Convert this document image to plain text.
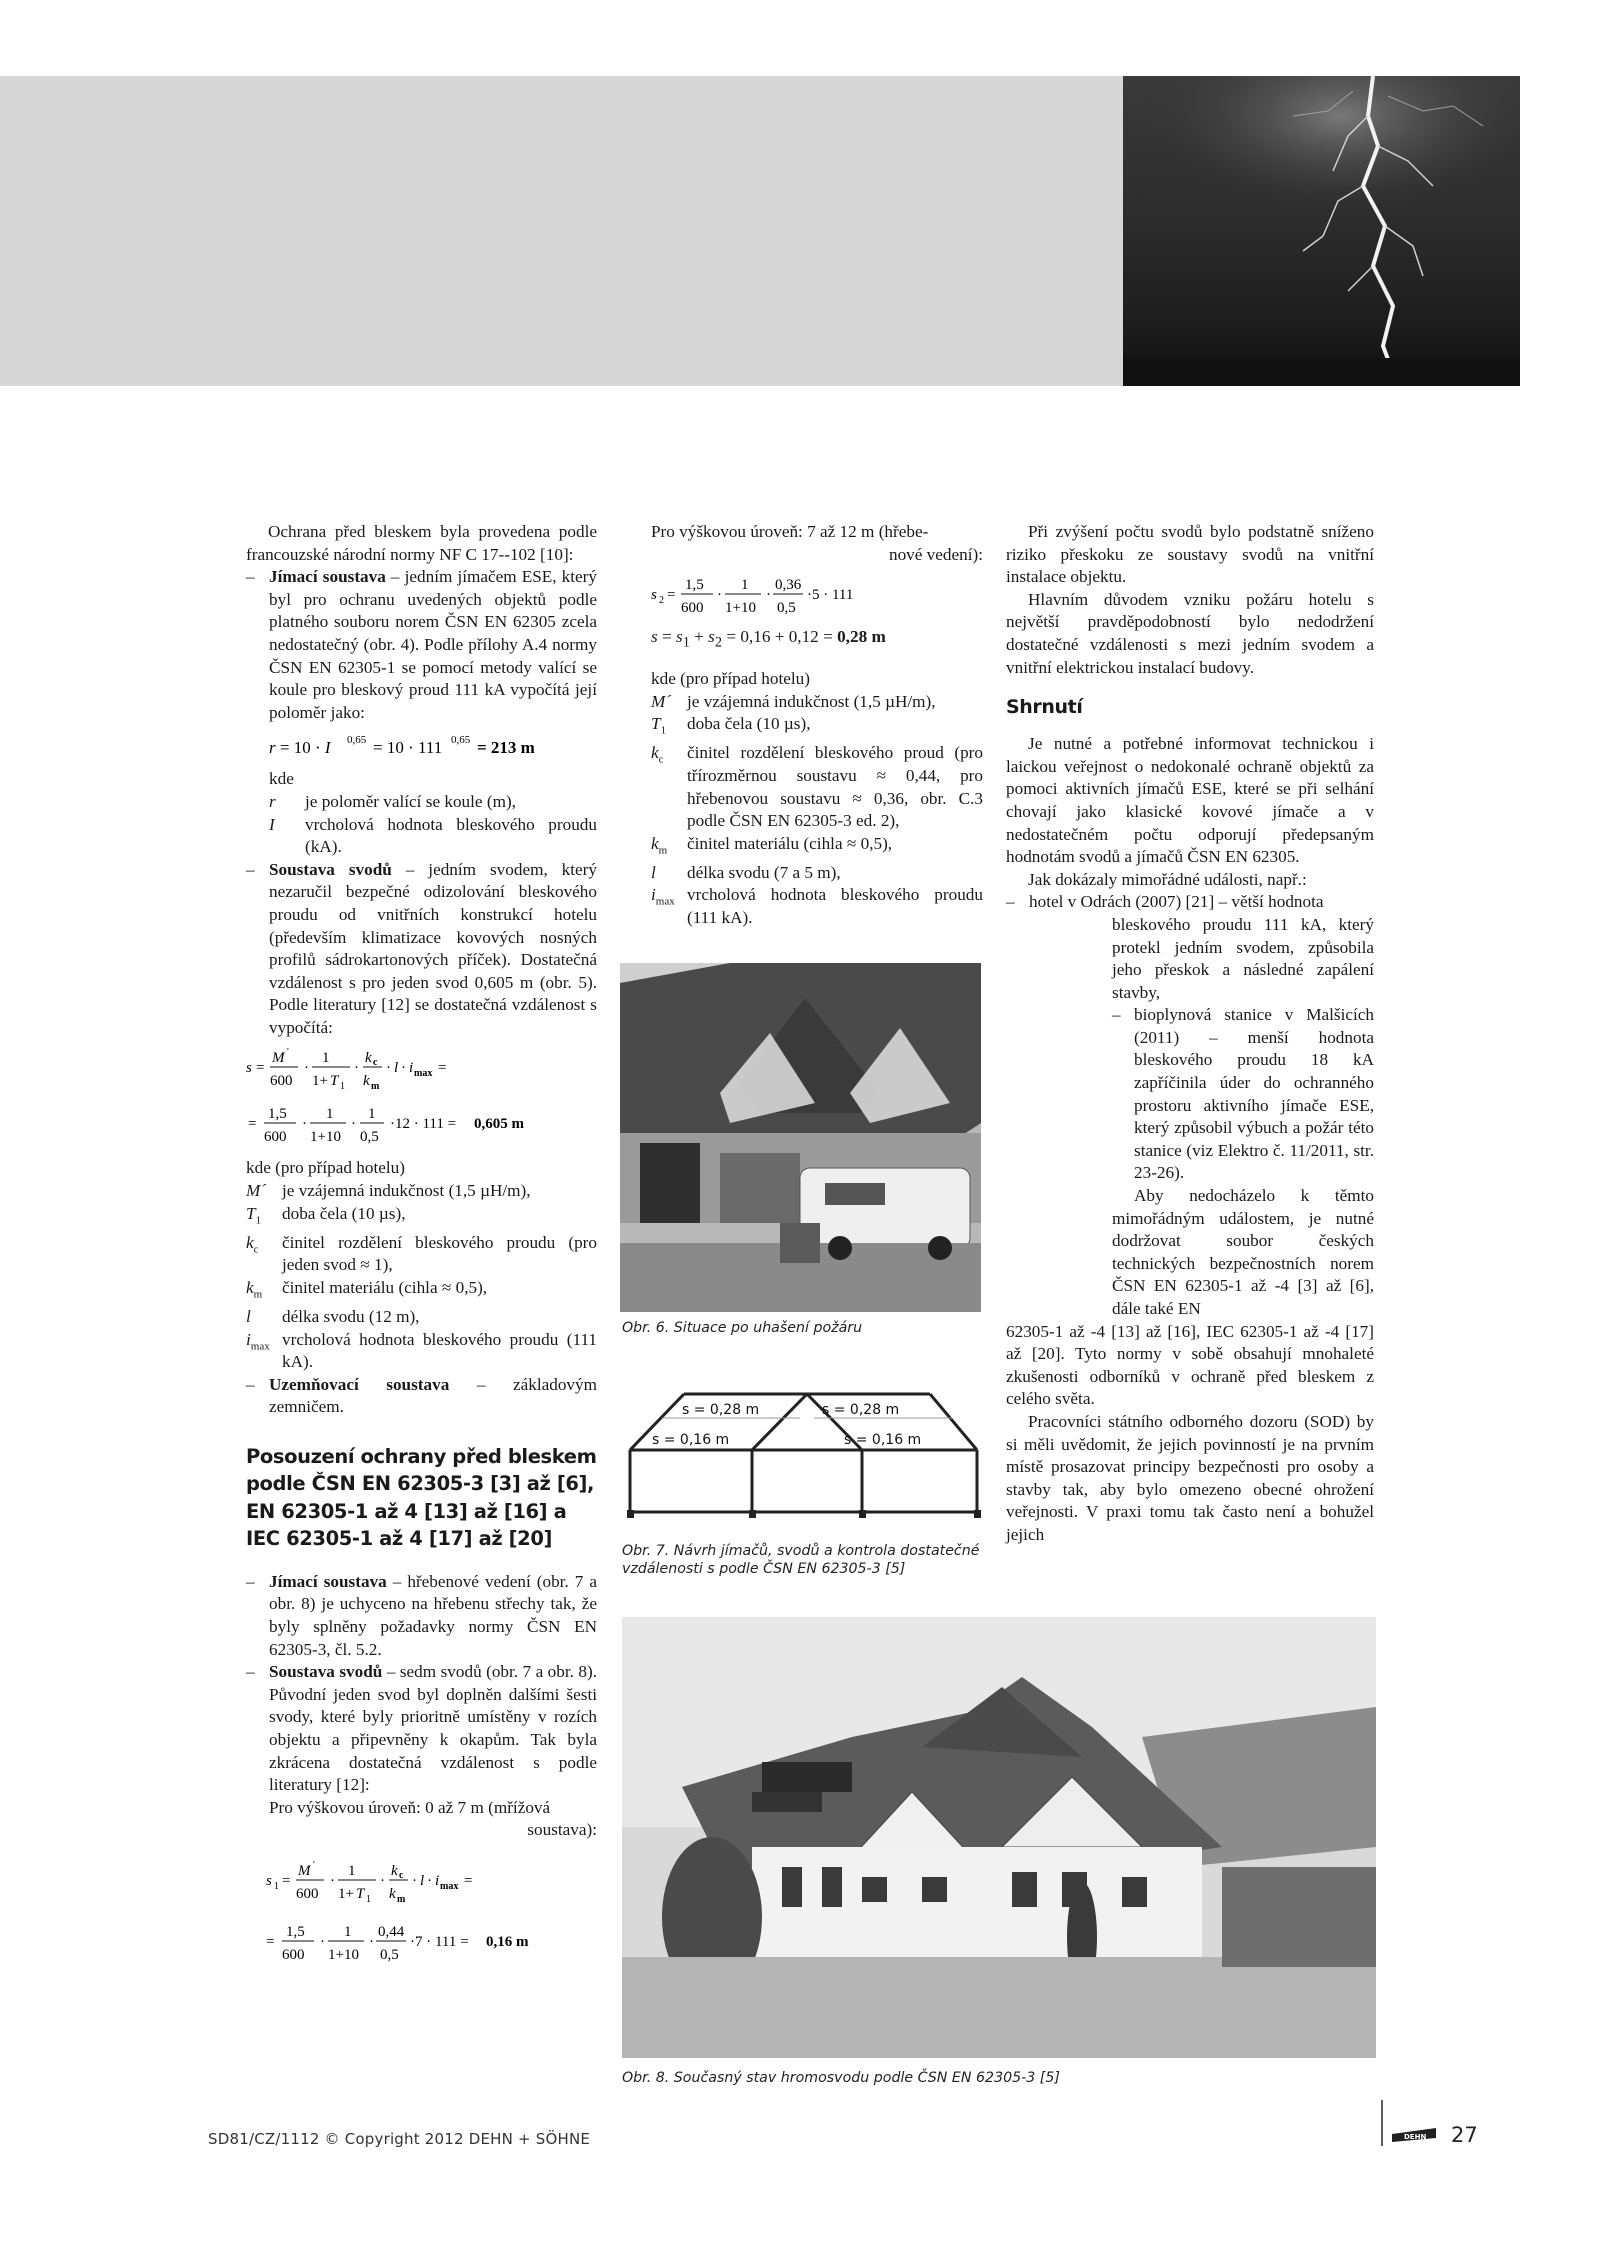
Ochrana před bleskem byla provedena podle francouzské národní normy NF C 17--102 [10]:

– Jímací soustava – jedním jímačem ESE, který byl pro ochranu uvedených objektů podle platného souboru norem ČSN EN 62305 zcela nedostatečný (obr. 4). Podle přílohy A.4 normy ČSN EN 62305-1 se pomocí metody valící se koule pro bleskový proud 111 kA vypočítá její poloměr jako:
r = 10 · I 0,65 = 10 · 111 0,65 = 213 m

kde

r	je poloměr valící se koule (m),
I	vrcholová hodnota bleskového proudu (kA).
– Soustava svodů – jedním svodem, který nezaručil bezpečné odizolování bleskového proudu od vnitřních konstrukcí hotelu (především klimatizace kovových nosných profilů sádrokartonových příček). Dostatečná vzdálenost s pro jeden svod 0,605 m (obr. 5). Podle literatury [12] se dostatečná vzdálenost s vypočítá:
s =
M '
600
·
1
1+ T 1
·
k c
k m
· l · i max =
=
1,5
600
·
1
1+10
·
1
0,5
·12 · 111 = 0,605 m

kde (pro případ hotelu)

M´ je vzájemná indukčnost (1,5 µH/m),
$T_1$	doba čela (10 µs),
$k_c$	činitel rozdělení bleskového proudu (pro jeden svod ≈ 1),
$k_m$	činitel materiálu (cihla ≈ 0,5),
l	délka svodu (12 m),
$i_{max}$ vrcholová hodnota bleskového proudu (111 kA).
– Uzemňovací soustava – základovým zemničem.
Posouzení ochrany před bleskem podle ČSN EN 62305-3 [3] až [6], EN 62305-1 až 4 [13] až [16] a IEC 62305-1 až 4 [17] až [20]
– Jímací soustava – hřebenové vedení (obr. 7 a obr. 8) je uchyceno na hřebenu střechy tak, že byly splněny požadavky normy ČSN EN 62305-3, čl. 5.2.
– Soustava svodů – sedm svodů (obr. 7 a obr. 8). Původní jeden svod byl doplněn dalšími šesti svody, které byly prioritně umístěny v rozích objektu a připevněny k okapům. Tak byla zkrácena dostatečná vzdálenost s podle literatury [12]:

Pro výškovou úroveň: 0 až 7 m (mřížová

soustava):

s 1 =
M '
600
·
1
1+ T 1
·
k c
k m
· l · i max =
=
1,5
600
·
1
1+10
·
0,44
0,5
·7 · 111 = 0,16 m

Pro výškovou úroveň: 7 až 12 m (hřebe-

nové vedení):

s 2 =
1,5
600
·
1
1+10
·
0,36
0,5
·5 · 111

$s = s_1 + s_2 = 0,16 + 0,12 = 0,28$ m

kde (pro případ hotelu)

M´ je vzájemná indukčnost (1,5 µH/m),
$T_1$	doba čela (10 µs),
$k_c$	činitel rozdělení bleskového proud (pro třírozměrnou soustavu ≈ 0,44, pro hřebenovou soustavu ≈ 0,36, obr. C.3 podle ČSN EN 62305-3 ed. 2),
$k_m$	činitel materiálu (cihla ≈ 0,5),
l	délka svodu (7 a 5 m),
$i_{max}$ vrcholová hodnota bleskového proudu (111 kA).
Obr. 6. Situace po uhašení požáru
s = 0,28 m	s = 0,28 m
s = 0,16 m	s = 0,16 m
Obr. 7. Návrh jímačů, svodů a kontrola dostatečné vzdálenosti s podle ČSN EN 62305-3 [5]

Při zvýšení počtu svodů bylo podstatně sníženo riziko přeskoku ze soustavy svodů na vnitřní instalace objektu.

Hlavním důvodem vzniku požáru hotelu s největší pravděpodobností bylo nedodržení dostatečné vzdálenosti s mezi jedním svodem a vnitřní elektrickou instalací budovy.

Shrnutí

Je nutné a potřebné informovat technickou i laickou veřejnost o nedokonalé ochraně objektů za pomoci aktivních jímačů ESE, které se při selhání chovají jako klasické kovové jímače a v nedostatečném počtu odporují předepsaným hodnotám svodů a jímačů ČSN EN 62305.

Jak dokázaly mimořádné události, např.:

– hotel v Odrách (2007) [21] – větší hodnota

bleskového proudu 111 kA, který protekl jedním svodem, způsobila jeho přeskok a následné zapálení stavby,

– bioplynová stanice v Malšicích (2011) – menší hodnota bleskového proudu 18 kA zapříčinila úder do ochranného prostoru aktivního jímače ESE, který způsobil výbuch a požár této stanice (viz Elektro č. 11/2011, str. 23-26).

Aby nedocházelo k těmto mimořádným událostem, je nutné dodržovat soubor českých technických bezpečnostních norem ČSN EN 62305-1 až -4 [3] až [6], dále také EN

62305-1 až -4 [13] až [16], IEC 62305-1 až -4 [17] až [20]. Tyto normy v sobě obsahují mnohaleté zkušenosti odborníků v ochraně před bleskem z celého světa.

Pracovníci státního odborného dozoru (SOD) by si měli uvědomit, že jejich povinností je na prvním místě prosazovat principy bezpečnosti pro osoby a stavby tak, aby bylo omezeno obecné ohrožení veřejnosti. V praxi tomu tak často není a bohužel jejich

Obr. 8. Současný stav hromosvodu podle ČSN EN 62305-3 [5]
SD81/CZ/1112 © Copyright 2012 DEHN + SÖHNE	DEHN 27
